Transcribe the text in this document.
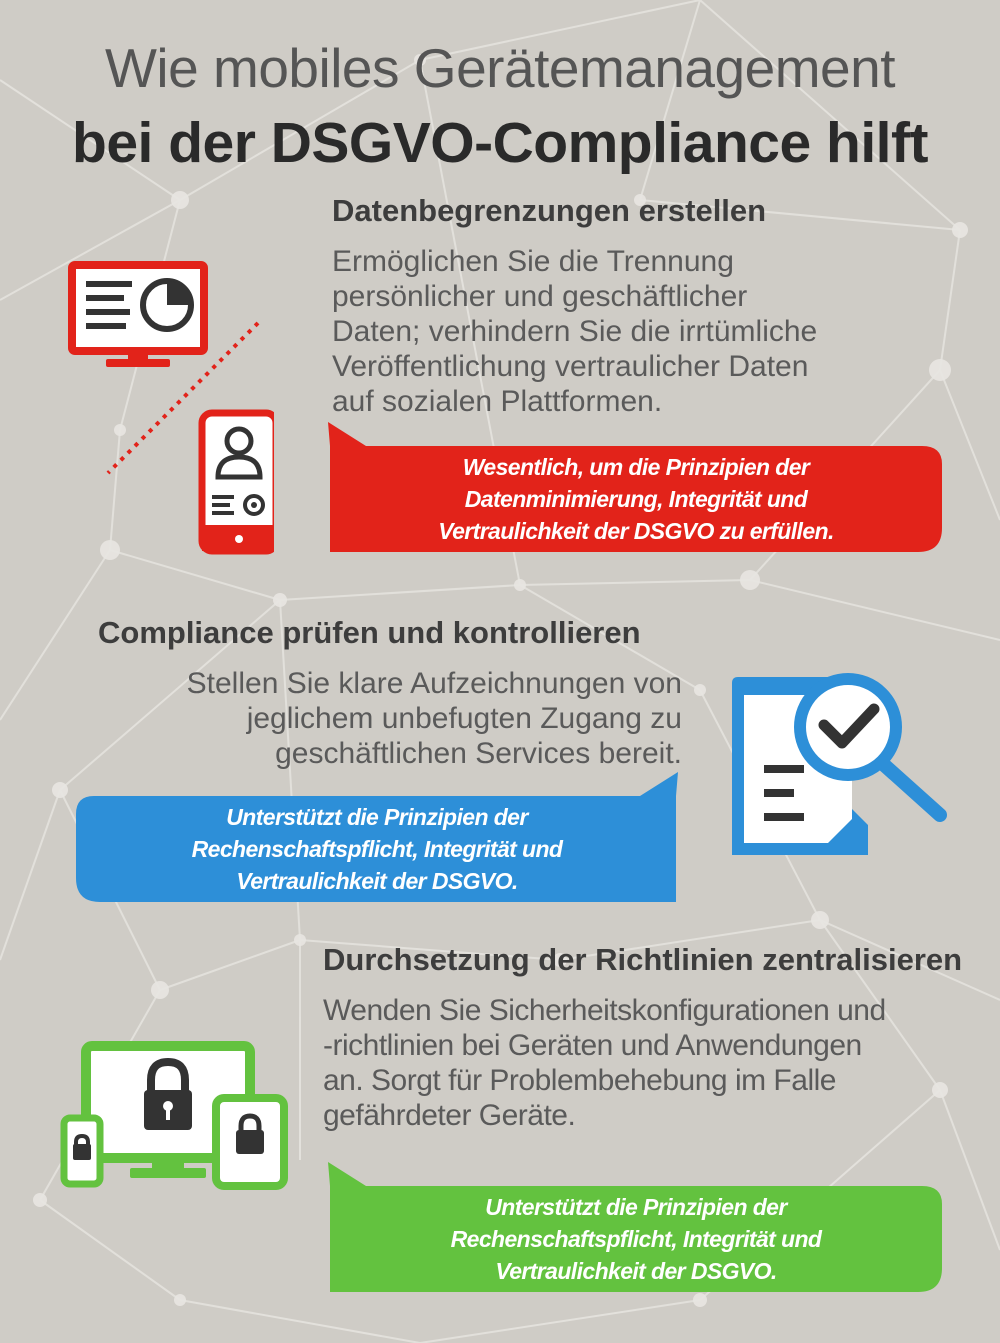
Wie mobiles Gerätemanagement
bei der DSGVO-Compliance hilft
Datenbegrenzungen erstellen
Ermöglichen Sie die Trennung
persönlicher und geschäftlicher
Daten; verhindern Sie die irrtümliche
Veröffentlichung vertraulicher Daten
auf sozialen Plattformen.
Wesentlich, um die Prinzipien der
Datenminimierung, Integrität und
Vertraulichkeit der DSGVO zu erfüllen.
Compliance prüfen und kontrollieren
Stellen Sie klare Aufzeichnungen von
jeglichem unbefugten Zugang zu
geschäftlichen Services bereit.
Unterstützt die Prinzipien der
Rechenschaftspflicht, Integrität und
Vertraulichkeit der DSGVO.
Durchsetzung der Richtlinien zentralisieren
Wenden Sie Sicherheitskonfigurationen und
-richtlinien bei Geräten und Anwendungen
an. Sorgt für Problembehebung im Falle
gefährdeter Geräte.
Unterstützt die Prinzipien der
Rechenschaftspflicht, Integrität und
Vertraulichkeit der DSGVO.
